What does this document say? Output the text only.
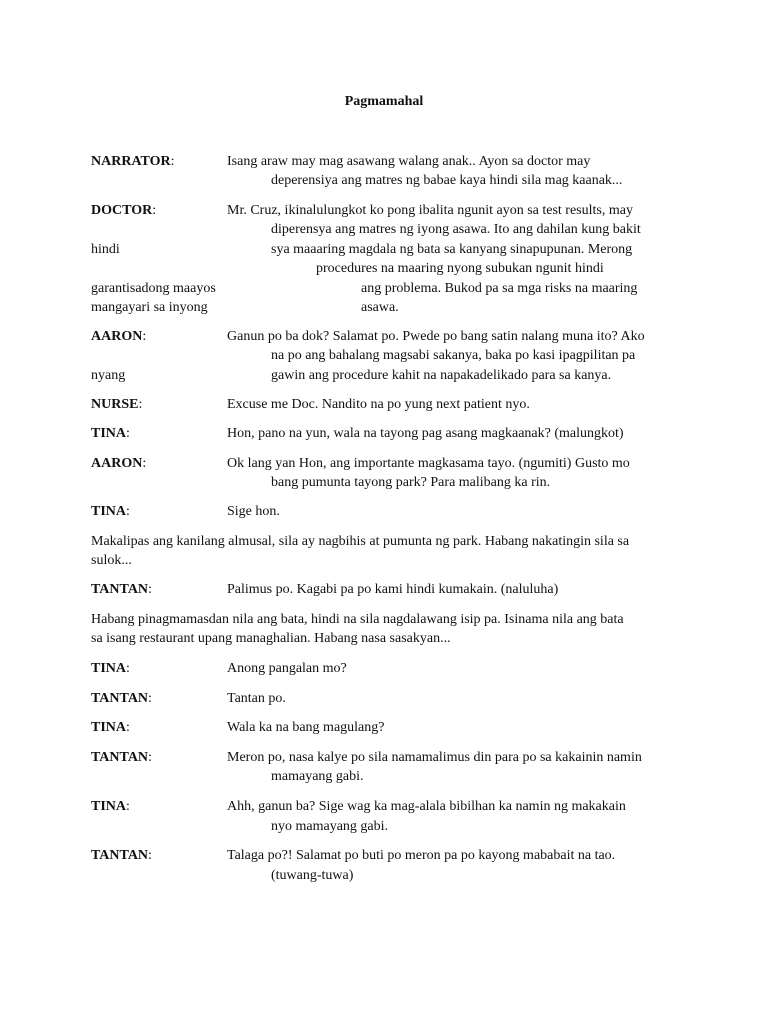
Pagmamahal
NARRATOR:	Isang araw may mag asawang walang anak.. Ayon sa doctor may
deperensiya ang matres ng babae kaya hindi sila mag kaanak...
DOCTOR:	Mr. Cruz, ikinalulungkot ko pong ibalita ngunit ayon sa test results, may
diperensya ang matres ng iyong asawa. Ito ang dahilan kung bakit
hindi	sya maaaring magdala ng bata sa kanyang sinapupunan. Merong
procedures na maaring nyong subukan ngunit hindi
garantisadong maayos	ang problema. Bukod pa sa mga risks na maaring
mangayari sa inyong	asawa.
AARON:	Ganun po ba dok? Salamat po. Pwede po bang satin nalang muna ito? Ako
na po ang bahalang magsabi sakanya, baka po kasi ipagpilitan pa
nyang	gawin ang procedure kahit na napakadelikado para sa kanya.
NURSE:	Excuse me Doc. Nandito na po yung next patient nyo.
TINA:	Hon, pano na yun, wala na tayong pag asang magkaanak? (malungkot)
AARON:	Ok lang yan Hon, ang importante magkasama tayo. (ngumiti) Gusto mo
bang pumunta tayong park? Para malibang ka rin.
TINA:	Sige hon.
Makalipas ang kanilang almusal, sila ay nagbihis at pumunta ng park. Habang nakatingin sila sa
sulok...
TANTAN:	Palimus po. Kagabi pa po kami hindi kumakain. (naluluha)
Habang pinagmamasdan nila ang bata, hindi na sila nagdalawang isip pa. Isinama nila ang bata
sa isang restaurant upang managhalian. Habang nasa sasakyan...
TINA:	Anong pangalan mo?
TANTAN:	Tantan po.
TINA:	Wala ka na bang magulang?
TANTAN:	Meron po, nasa kalye po sila namamalimus din para po sa kakainin namin
mamayang gabi.
TINA:	Ahh, ganun ba? Sige wag ka mag-alala bibilhan ka namin ng makakain
nyo mamayang gabi.
TANTAN:	Talaga po?! Salamat po buti po meron pa po kayong mababait na tao.
(tuwang-tuwa)
